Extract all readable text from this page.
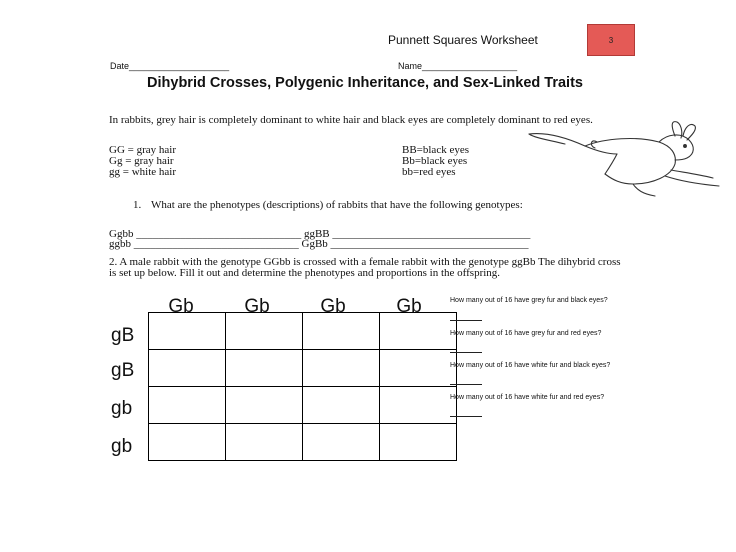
Punnett Squares Worksheet	3
Date____________________	Name___________________
Dihybrid Crosses, Polygenic Inheritance, and Sex-Linked Traits
In rabbits, grey hair is completely dominant to white hair and black eyes are completely dominant to red eyes.
GG = gray hair
Gg = gray hair
gg = white hair
BB=black eyes
Bb=black eyes
bb=red eyes
1. What are the phenotypes (descriptions) of rabbits that have the following genotypes:
Ggbb ______________________________ ggBB ____________________________________
ggbb ______________________________ GgBb ____________________________________
2. A male rabbit with the genotype GGbb is crossed with a female rabbit with the genotype ggBb The dihybrid cross is set up below. Fill it out and determine the phenotypes and proportions in the offspring.
Gb	Gb	Gb	Gb
gB
gB
gb
gb

How many out of 16 have grey fur and black eyes?
How many out of 16 have grey fur and red eyes?
How many out of 16 have white fur and black eyes?
How many out of 16 have white fur and red eyes?
